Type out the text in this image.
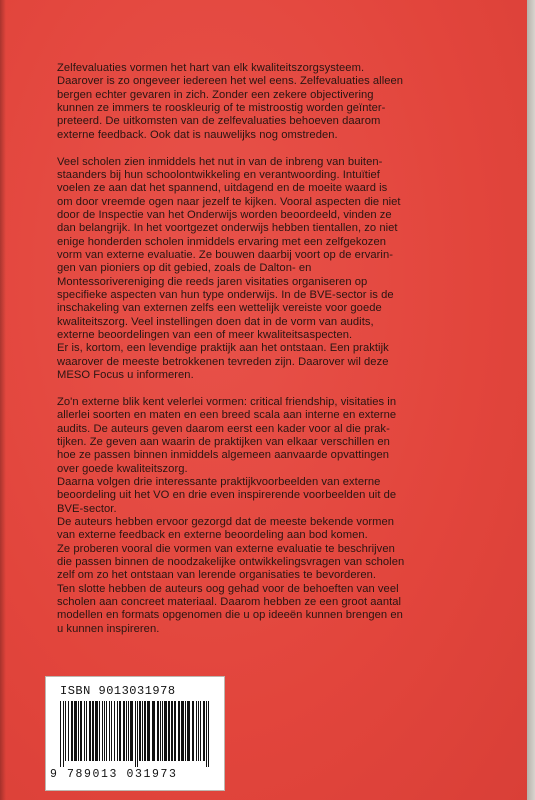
Zelfevaluaties vormen het hart van elk kwaliteitszorgsysteem.
Daarover is zo ongeveer iedereen het wel eens. Zelfevaluaties alleen
bergen echter gevaren in zich. Zonder een zekere objectivering
kunnen ze immers te rooskleurig of te mistroostig worden geïnter-
preteerd. De uitkomsten van de zelfevaluaties behoeven daarom
externe feedback. Ook dat is nauwelijks nog omstreden.

Veel scholen zien inmiddels het nut in van de inbreng van buiten-
staanders bij hun schoolontwikkeling en verantwoording. Intuïtief
voelen ze aan dat het spannend, uitdagend en de moeite waard is
om door vreemde ogen naar jezelf te kijken. Vooral aspecten die niet
door de Inspectie van het Onderwijs worden beoordeeld, vinden ze
dan belangrijk. In het voortgezet onderwijs hebben tientallen, zo niet
enige honderden scholen inmiddels ervaring met een zelfgekozen
vorm van externe evaluatie. Ze bouwen daarbij voort op de ervarin-
gen van pioniers op dit gebied, zoals de Dalton- en
Montessorivereniging die reeds jaren visitaties organiseren op
specifieke aspecten van hun type onderwijs. In de BVE-sector is de
inschakeling van externen zelfs een wettelijk vereiste voor goede
kwaliteitszorg. Veel instellingen doen dat in de vorm van audits,
externe beoordelingen van een of meer kwaliteitsaspecten.
Er is, kortom, een levendige praktijk aan het ontstaan. Een praktijk
waarover de meeste betrokkenen tevreden zijn. Daarover wil deze
MESO Focus u informeren.

Zo'n externe blik kent velerlei vormen: critical friendship, visitaties in
allerlei soorten en maten en een breed scala aan interne en externe
audits. De auteurs geven daarom eerst een kader voor al die prak-
tijken. Ze geven aan waarin de praktijken van elkaar verschillen en
hoe ze passen binnen inmiddels algemeen aanvaarde opvattingen
over goede kwaliteitszorg.
Daarna volgen drie interessante praktijkvoorbeelden van externe
beoordeling uit het VO en drie even inspirerende voorbeelden uit de
BVE-sector.
De auteurs hebben ervoor gezorgd dat de meeste bekende vormen
van externe feedback en externe beoordeling aan bod komen.
Ze proberen vooral die vormen van externe evaluatie te beschrijven
die passen binnen de noodzakelijke ontwikkelingsvragen van scholen
zelf om zo het ontstaan van lerende organisaties te bevorderen.
Ten slotte hebben de auteurs oog gehad voor de behoeften van veel
scholen aan concreet materiaal. Daarom hebben ze een groot aantal
modellen en formats opgenomen die u op ideeën kunnen brengen en
u kunnen inspireren.

ISBN 9013031978
9 789013 031973
